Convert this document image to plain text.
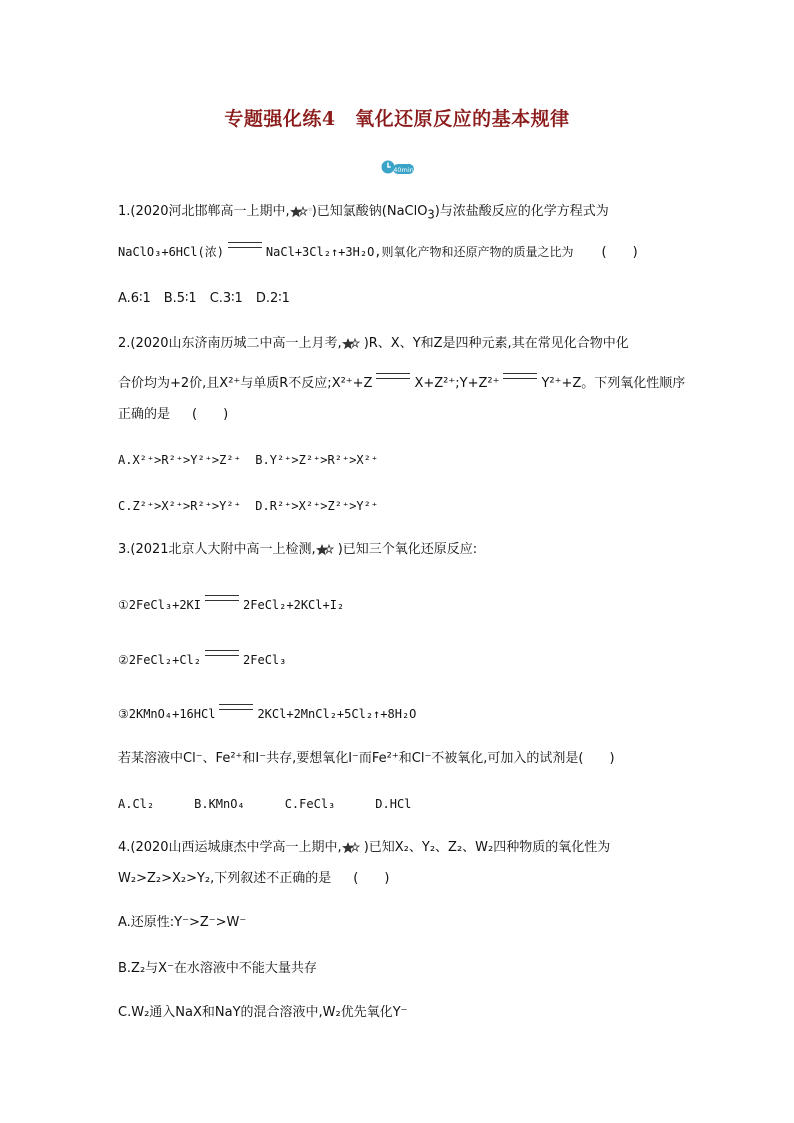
专题强化练4　氧化还原反应的基本规律
40min
1.(2020河北邯郸高一上期中,	☆ )已知氯酸钠(NaClO$_3$)与浓盐酸反应的化学方程式为
NaClO₃+6HCl(浓)	NaCl+3Cl₂↑+3H₂O,则氧化产物和还原产物的质量之比为 (　　)
A.6∶1　B.5∶1　C.3∶1　D.2∶1
2.(2020山东济南历城二中高一上月考, )R、X、Y和Z是四种元素,其在常见化合物中化
合价均为+2价,且X²⁺与单质R不反应;X²⁺+Z	X+Z²⁺;Y+Z²⁺	Y²⁺+Z。下列氧化性顺序
正确的是 (　　)
A.X²⁺>R²⁺>Y²⁺>Z²⁺ B.Y²⁺>Z²⁺>R²⁺>X²⁺
C.Z²⁺>X²⁺>R²⁺>Y²⁺ D.R²⁺>X²⁺>Z²⁺>Y²⁺
3.(2021北京人大附中高一上检测, )已知三个氧化还原反应:
①2FeCl₃+2KI	2FeCl₂+2KCl+I₂
②2FeCl₂+Cl₂	2FeCl₃
③2KMnO₄+16HCl	2KCl+2MnCl₂+5Cl₂↑+8H₂O
若某溶液中Cl⁻、Fe²⁺和I⁻共存,要想氧化I⁻而Fe²⁺和Cl⁻不被氧化,可加入的试剂是(　　)
A.Cl₂	B.KMnO₄	C.FeCl₃	D.HCl
4.(2020山西运城康杰中学高一上期中, )已知X₂、Y₂、Z₂、W₂四种物质的氧化性为
W₂>Z₂>X₂>Y₂,下列叙述不正确的是 (　　)
A.还原性:Y⁻>Z⁻>W⁻
B.Z₂与X⁻在水溶液中不能大量共存
C.W₂通入NaX和NaY的混合溶液中,W₂优先氧化Y⁻
